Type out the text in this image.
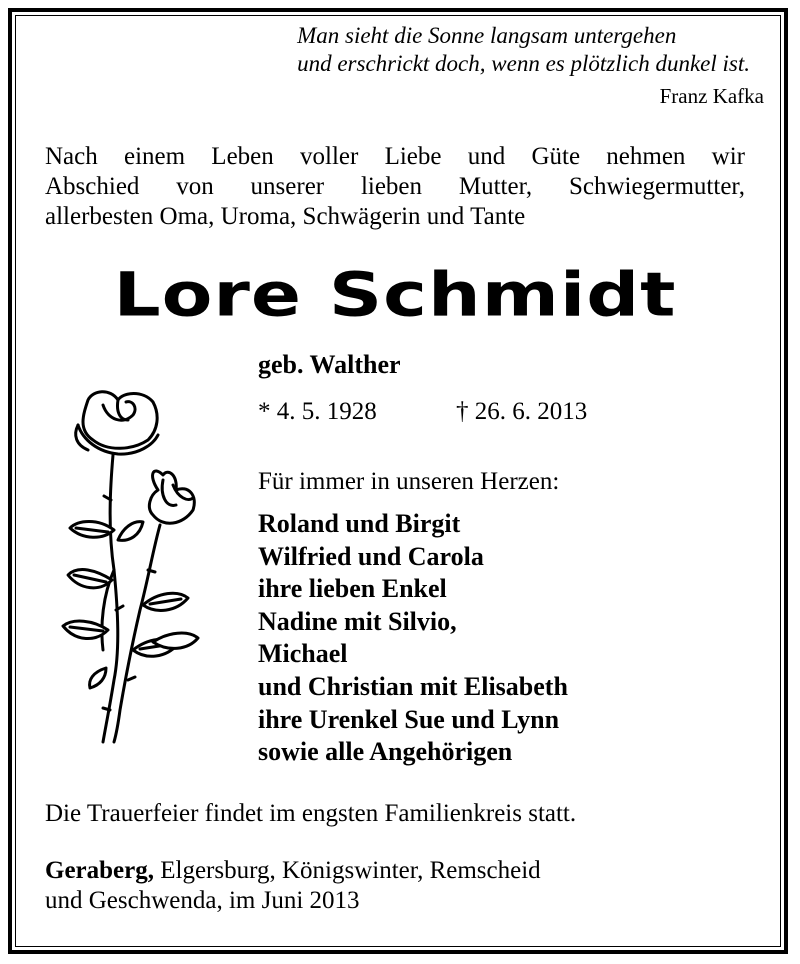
Man sieht die Sonne langsam untergehen
und erschrickt doch, wenn es plötzlich dunkel ist.
Franz Kafka
Nach einem Leben voller Liebe und Güte nehmen wir
Abschied von unserer lieben Mutter, Schwiegermutter,
allerbesten Oma, Uroma, Schwägerin und Tante
Lore Schmidt
geb. Walther
* 4. 5. 1928	† 26. 6. 2013
Für immer in unseren Herzen:
Roland und Birgit
Wilfried und Carola
ihre lieben Enkel
Nadine mit Silvio,
Michael
und Christian mit Elisabeth
ihre Urenkel Sue und Lynn
sowie alle Angehörigen
Die Trauerfeier findet im engsten Familienkreis statt.
Geraberg, Elgersburg, Königswinter, Remscheid
und Geschwenda, im Juni 2013
